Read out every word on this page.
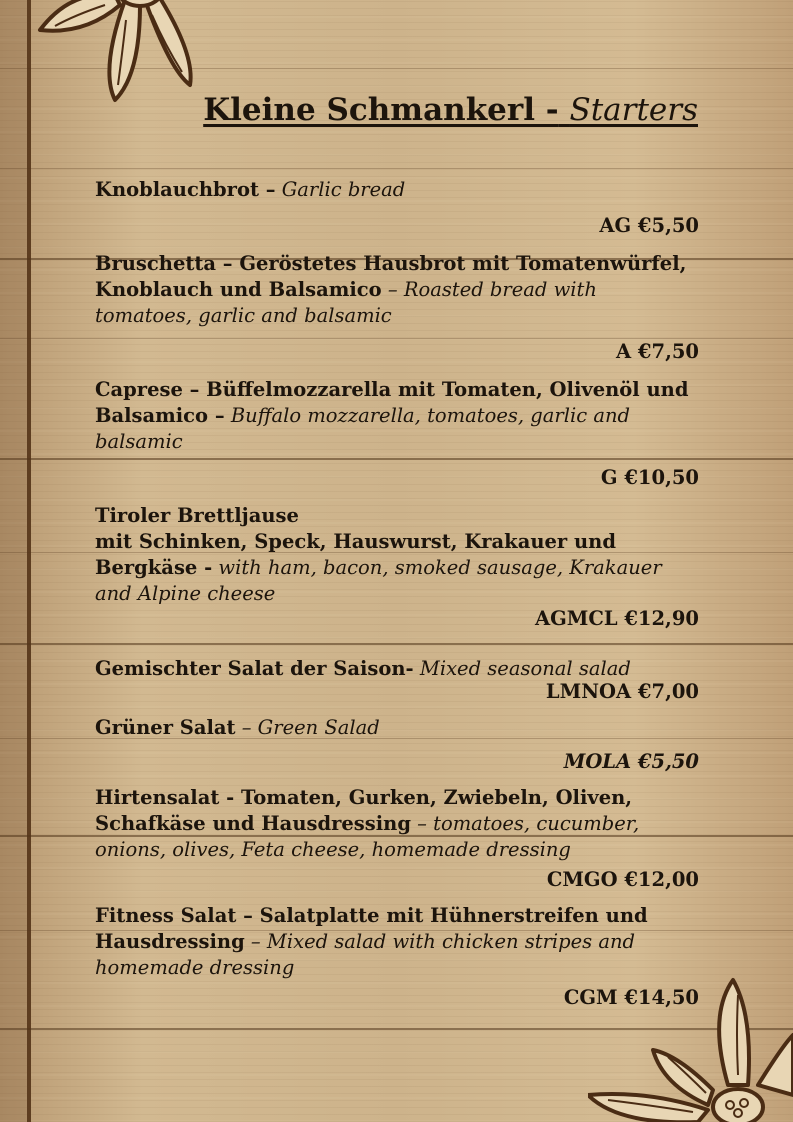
Kleine Schmankerl - Starters
Knoblauchbrot – Garlic bread
AG €5,50
Bruschetta – Geröstetes Hausbrot mit Tomatenwürfel, Knoblauch und Balsamico – Roasted bread with tomatoes, garlic and balsamic
A €7,50
Caprese – Büffelmozzarella mit Tomaten, Olivenöl und Balsamico – Buffalo mozzarella, tomatoes, garlic and balsamic
G €10,50
Tiroler Brettljause
mit Schinken, Speck, Hauswurst, Krakauer und Bergkäse - with ham, bacon, smoked sausage, Krakauer and Alpine cheese
AGMCL €12,90
Gemischter Salat der Saison- Mixed seasonal salad
LMNOA €7,00
Grüner Salat – Green Salad
MOLA €5,50
Hirtensalat - Tomaten, Gurken, Zwiebeln, Oliven, Schafkäse und Hausdressing – tomatoes, cucumber, onions, olives, Feta cheese, homemade dressing
CMGO €12,00
Fitness Salat – Salatplatte mit Hühnerstreifen und Hausdressing – Mixed salad with chicken stripes and homemade dressing
CGM €14,50
